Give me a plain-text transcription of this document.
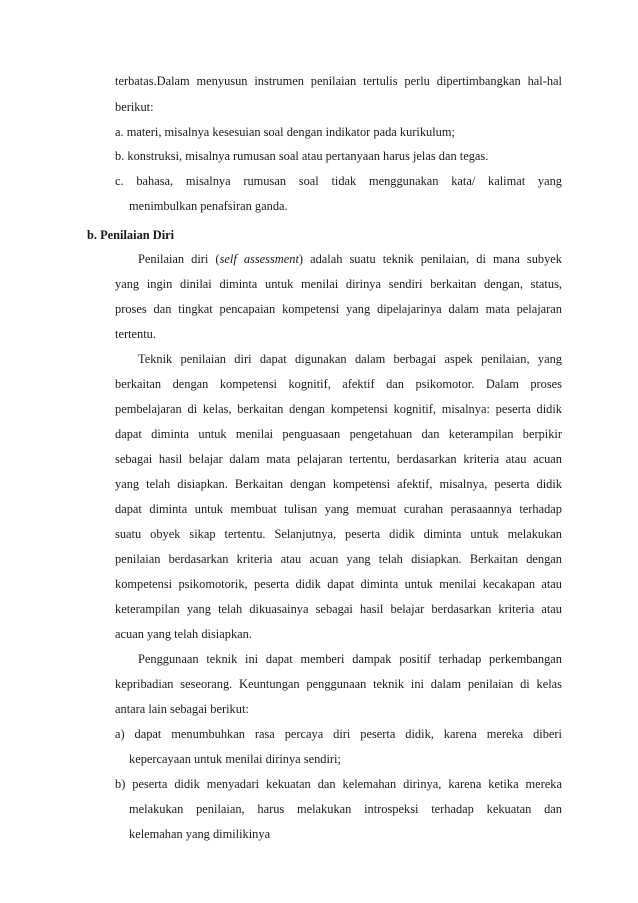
terbatas.Dalam menyusun instrumen penilaian tertulis perlu dipertimbangkan hal-hal
berikut:
a. materi, misalnya kesesuian soal dengan indikator pada kurikulum;
b. konstruksi, misalnya rumusan soal atau pertanyaan harus jelas dan tegas.
c. bahasa, misalnya rumusan soal tidak menggunakan kata/ kalimat yang
menimbulkan penafsiran ganda.
b. Penilaian Diri
Penilaian diri (self assessment) adalah suatu teknik penilaian, di mana subyek
yang ingin dinilai diminta untuk menilai dirinya sendiri berkaitan dengan, status,
proses dan tingkat pencapaian kompetensi yang dipelajarinya dalam mata pelajaran
tertentu.
Teknik penilaian diri dapat digunakan dalam berbagai aspek penilaian, yang
berkaitan dengan kompetensi kognitif, afektif dan psikomotor. Dalam proses
pembelajaran di kelas, berkaitan dengan kompetensi kognitif, misalnya: peserta didik
dapat diminta untuk menilai penguasaan pengetahuan dan keterampilan berpikir
sebagai hasil belajar dalam mata pelajaran tertentu, berdasarkan kriteria atau acuan
yang telah disiapkan. Berkaitan dengan kompetensi afektif, misalnya, peserta didik
dapat diminta untuk membuat tulisan yang memuat curahan perasaannya terhadap
suatu obyek sikap tertentu. Selanjutnya, peserta didik diminta untuk melakukan
penilaian berdasarkan kriteria atau acuan yang telah disiapkan. Berkaitan dengan
kompetensi psikomotorik, peserta didik dapat diminta untuk menilai kecakapan atau
keterampilan yang telah dikuasainya sebagai hasil belajar berdasarkan kriteria atau
acuan yang telah disiapkan.
Penggunaan teknik ini dapat memberi dampak positif terhadap perkembangan
kepribadian seseorang. Keuntungan penggunaan teknik ini dalam penilaian di kelas
antara lain sebagai berikut:
a) dapat menumbuhkan rasa percaya diri peserta didik, karena mereka diberi
kepercayaan untuk menilai dirinya sendiri;
b) peserta didik menyadari kekuatan dan kelemahan dirinya, karena ketika mereka
melakukan penilaian, harus melakukan introspeksi terhadap kekuatan dan
kelemahan yang dimilikinya
